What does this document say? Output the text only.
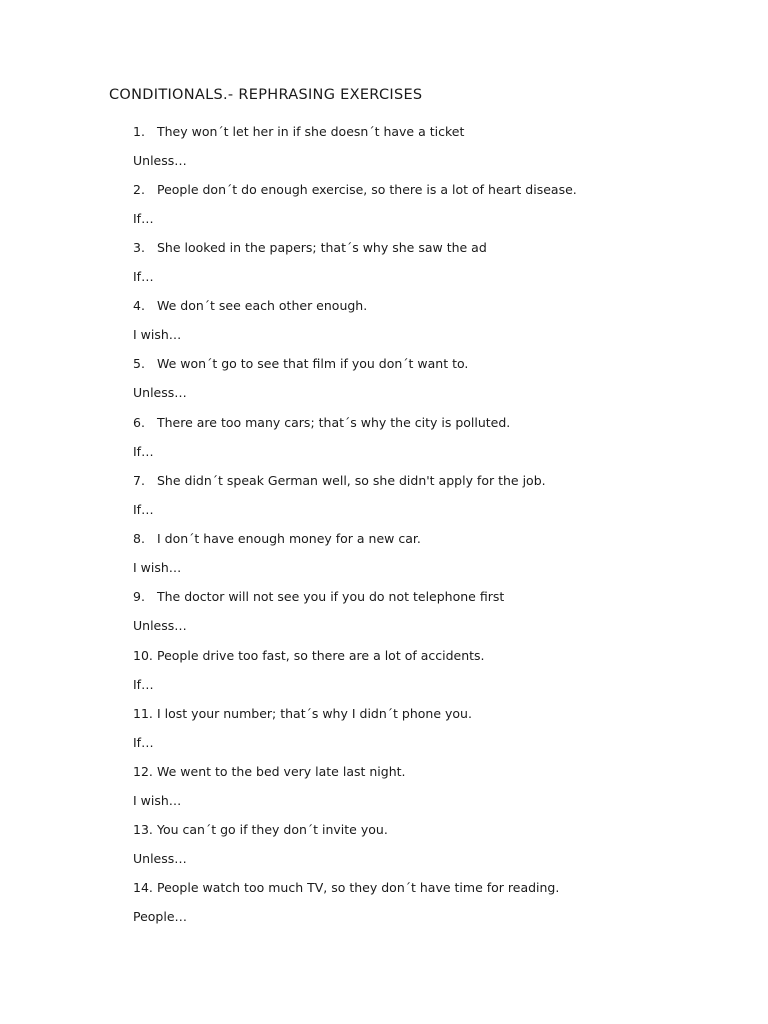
CONDITIONALS.- REPHRASING EXERCISES
1. They won´t let her in if she doesn´t have a ticket
Unless…
2. People don´t do enough exercise, so there is a lot of heart disease.
If…
3. She looked in the papers; that´s why she saw the ad
If…
4. We don´t see each other enough.
I wish…
5. We won´t go to see that film if you don´t want to.
Unless…
6. There are too many cars; that´s why the city is polluted.
If…
7. She didn´t speak German well, so she didn't apply for the job.
If…
8. I don´t have enough money for a new car.
I wish…
9. The doctor will not see you if you do not telephone first
Unless…
10. People drive too fast, so there are a lot of accidents.
If…
11. I lost your number; that´s why I didn´t phone you.
If…
12. We went to the bed very late last night.
I wish…
13. You can´t go if they don´t invite you.
Unless…
14. People watch too much TV, so they don´t have time for reading.
People…
